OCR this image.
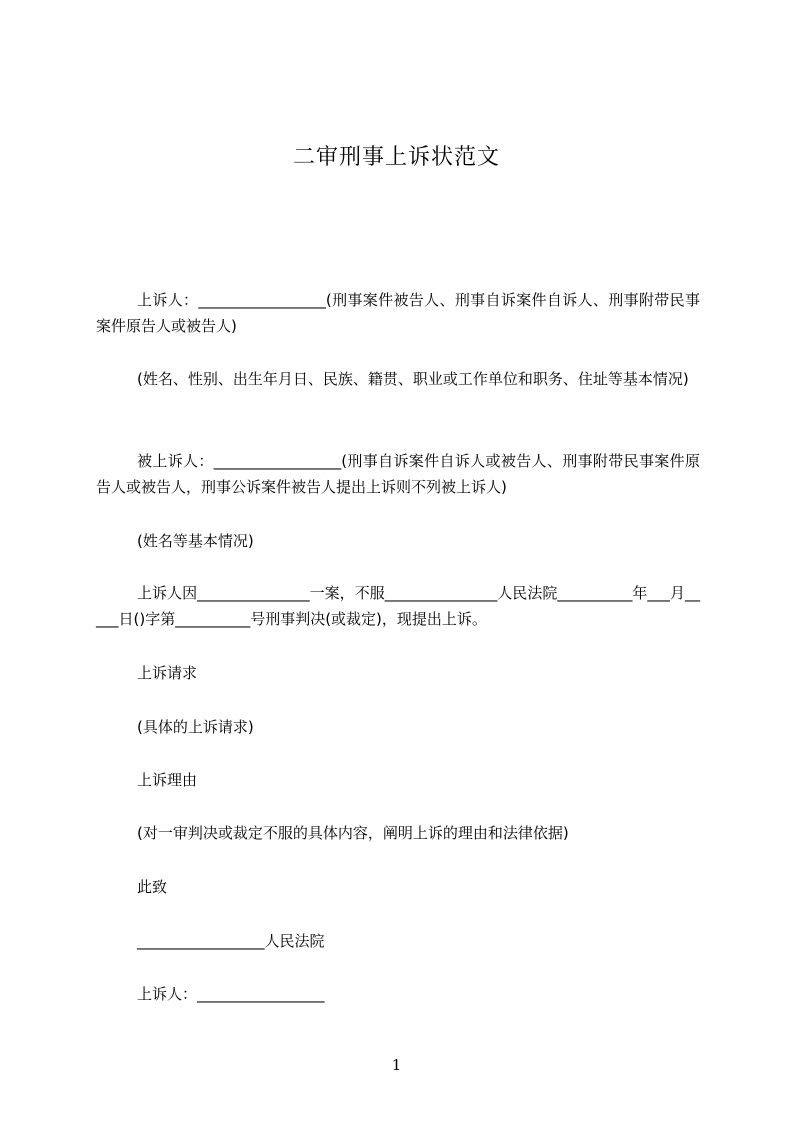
二审刑事上诉状范文
上诉人：_________________(刑事案件被告人、刑事自诉案件自诉人、刑事附带民事案件原告人或被告人)
(姓名、性别、出生年月日、民族、籍贯、职业或工作单位和职务、住址等基本情况)
被上诉人：_________________(刑事自诉案件自诉人或被告人、刑事附带民事案件原告人或被告人，刑事公诉案件被告人提出上诉则不列被上诉人)
(姓名等基本情况)
上诉人因_______________一案，不服_______________人民法院__________年___月_____日()字第__________号刑事判决(或裁定)，现提出上诉。
上诉请求
(具体的上诉请求)
上诉理由
(对一审判决或裁定不服的具体内容，阐明上诉的理由和法律依据)
此致
_________________人民法院
上诉人：_________________
1
